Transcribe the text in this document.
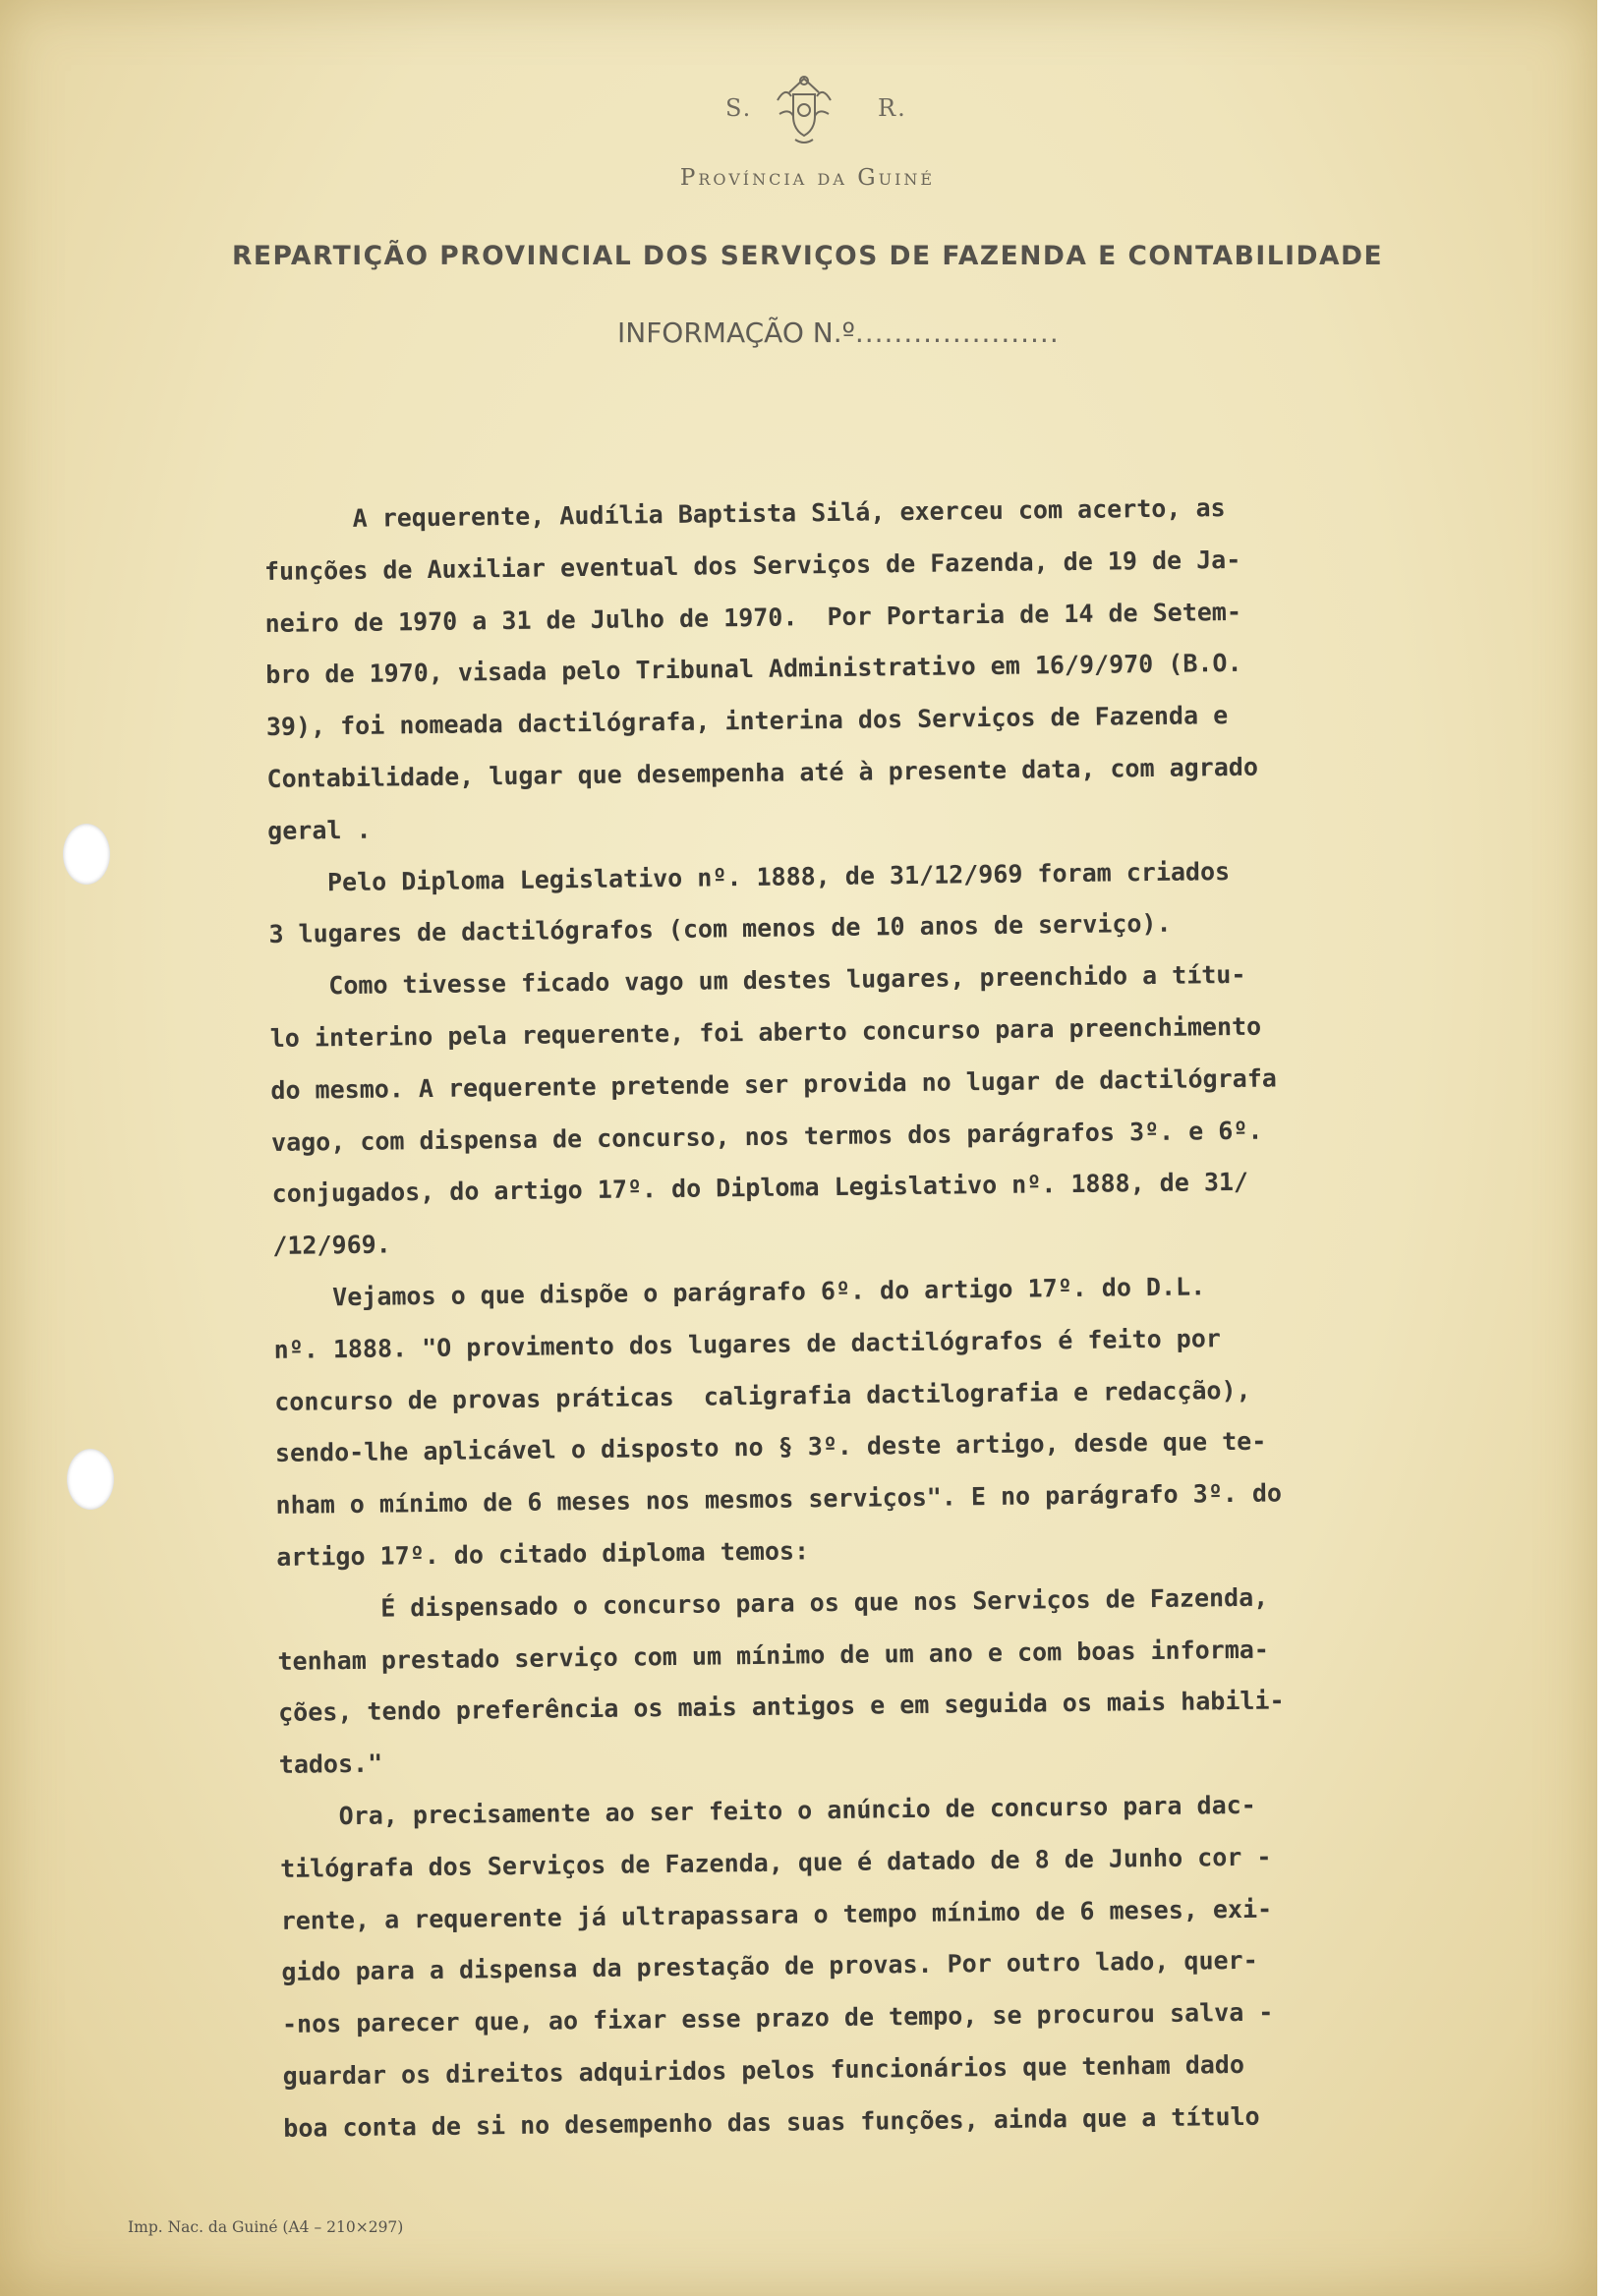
S.	R.
Província da Guiné
REPARTIÇÃO PROVINCIAL DOS SERVIÇOS DE FAZENDA E CONTABILIDADE
INFORMAÇÃO N.º.....................
A requerente, Audília Baptista Silá, exerceu com acerto, as
funções de Auxiliar eventual dos Serviços de Fazenda, de 19 de Ja-
neiro de 1970 a 31 de Julho de 1970.  Por Portaria de 14 de Setem-
bro de 1970, visada pelo Tribunal Administrativo em 16/9/970 (B.O.
39), foi nomeada dactilógrafa, interina dos Serviços de Fazenda e
Contabilidade, lugar que desempenha até à presente data, com agrado
geral .
Pelo Diploma Legislativo nº. 1888, de 31/12/969 foram criados
3 lugares de dactilógrafos (com menos de 10 anos de serviço).
Como tivesse ficado vago um destes lugares, preenchido a títu-
lo interino pela requerente, foi aberto concurso para preenchimento
do mesmo. A requerente pretende ser provida no lugar de dactilógrafa
vago, com dispensa de concurso, nos termos dos parágrafos 3º. e 6º.
conjugados, do artigo 17º. do Diploma Legislativo nº. 1888, de 31/
/12/969.
Vejamos o que dispõe o parágrafo 6º. do artigo 17º. do D.L.
nº. 1888. "O provimento dos lugares de dactilógrafos é feito por
concurso de provas práticas  caligrafia dactilografia e redacção),
sendo-lhe aplicável o disposto no § 3º. deste artigo, desde que te-
nham o mínimo de 6 meses nos mesmos serviços". E no parágrafo 3º. do
artigo 17º. do citado diploma temos:
É dispensado o concurso para os que nos Serviços de Fazenda,
tenham prestado serviço com um mínimo de um ano e com boas informa-
ções, tendo preferência os mais antigos e em seguida os mais habili-
tados."
Ora, precisamente ao ser feito o anúncio de concurso para dac-
tilógrafa dos Serviços de Fazenda, que é datado de 8 de Junho cor -
rente, a requerente já ultrapassara o tempo mínimo de 6 meses, exi-
gido para a dispensa da prestação de provas. Por outro lado, quer-
-nos parecer que, ao fixar esse prazo de tempo, se procurou salva -
guardar os direitos adquiridos pelos funcionários que tenham dado
boa conta de si no desempenho das suas funções, ainda que a título
Imp. Nac. da Guiné (A4 – 210×297)
